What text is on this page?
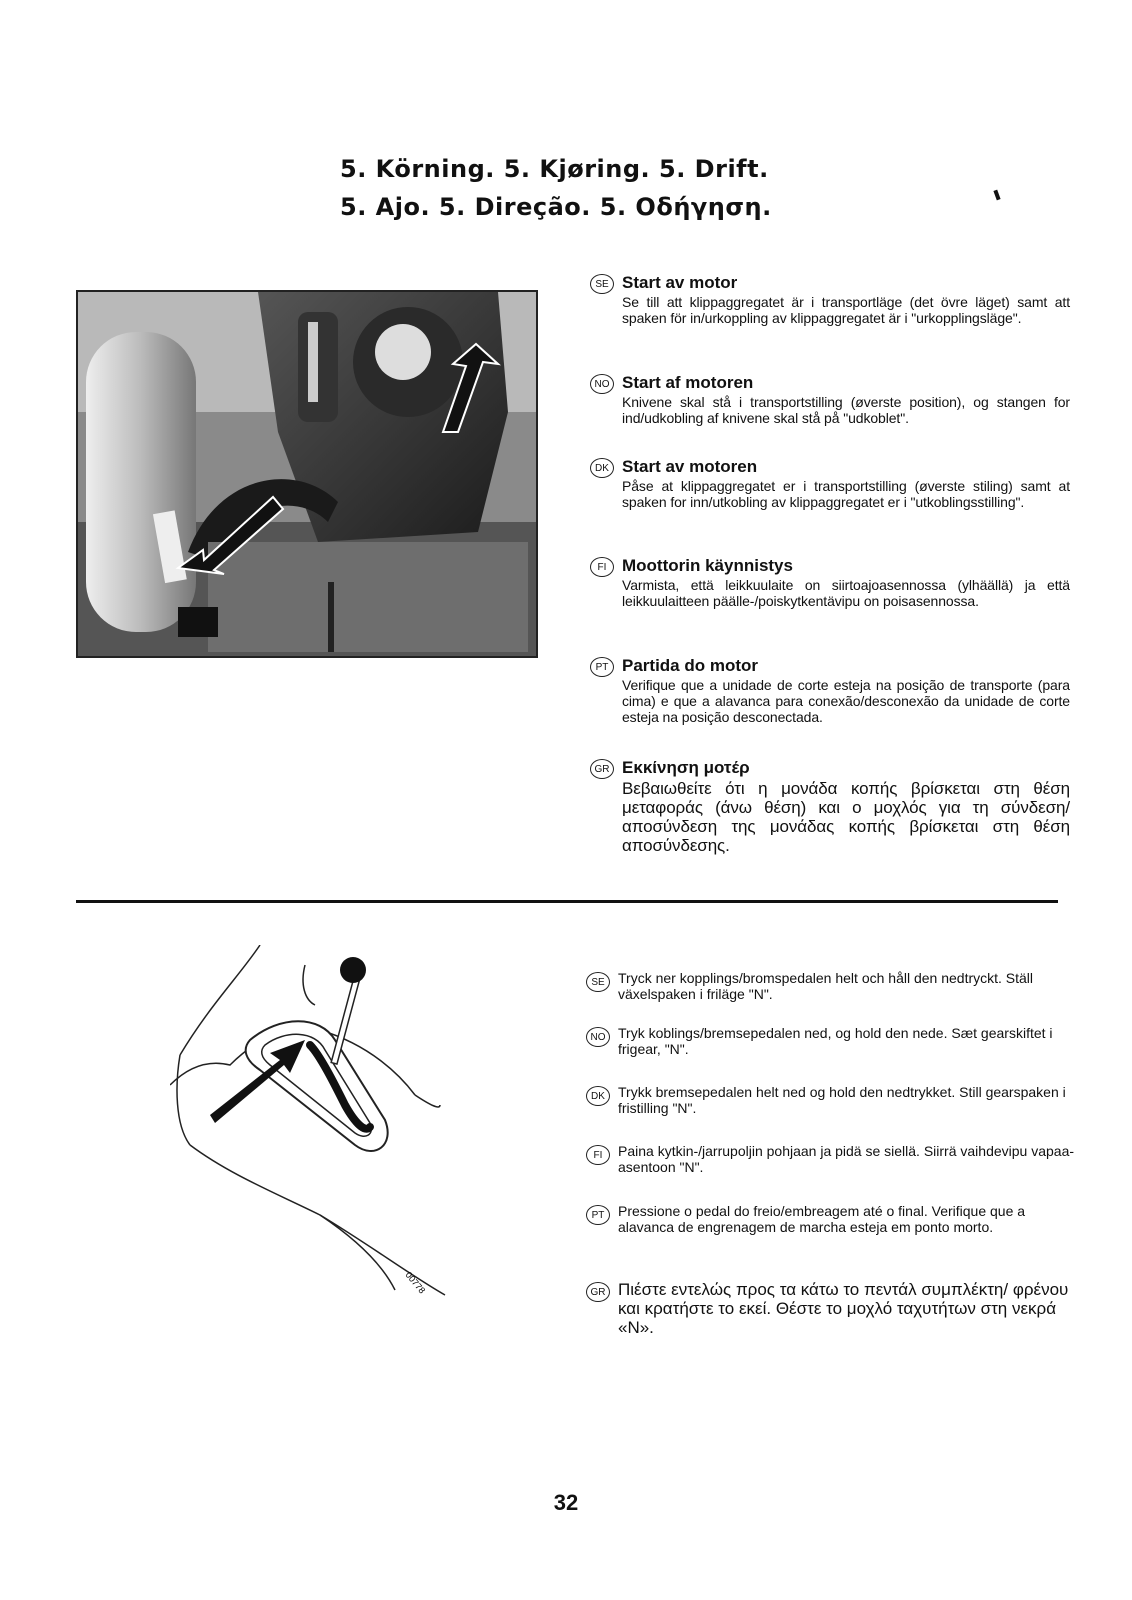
5. Körning. 5. Kjøring. 5. Drift.
5. Ajo. 5. Direção. 5. Οδήγηση.
SE Start av motor
Se till att klippaggregatet är i transportläge (det övre läget) samt att spaken för in/urkoppling av klippaggregatet är i "urkopplingsläge".
NO Start af motoren
Knivene skal stå i transportstilling (øverste position), og stangen for ind/udkobling af knivene skal stå på "udkoblet".
DK Start av motoren
Påse at klippaggregatet er i transportstilling (øverste stiling) samt at spaken for inn/utkobling av klippaggregatet er i "utkoblingsstilling".
FI Moottorin käynnistys
Varmista, että leikkuulaite on siirtoajoasennossa (ylhäällä) ja että leikkuulaitteen päälle-/poiskytkentävipu on poisasennossa.
PT Partida do motor
Verifique que a unidade de corte esteja na posição de transporte (para cima) e que a alavanca para conexão/desconexão da unidade de corte esteja na posição desconectada.
GR Εκκίνηση μοτέρ
Βεβαιωθείτε ότι η μονάδα κοπής βρίσκεται στη θέση μεταφοράς (άνω θέση) και ο μοχλός για τη σύνδεση/αποσύνδεση της μονάδας κοπής βρίσκεται στη θέση αποσύνδεσης.
00778
SE Tryck ner kopplings/bromspedalen helt och håll den nedtryckt. Ställ växelspaken i friläge "N".
NO Tryk koblings/bremsepedalen ned, og hold den nede. Sæt gearskiftet i frigear, "N".
DK Trykk bremsepedalen helt ned og hold den nedtrykket. Still gearspaken i fristilling "N".
FI	Paina kytkin-/jarrupoljin pohjaan ja pidä se siellä. Siirrä vaihdevipu vapaa-asentoon "N".
PT Pressione o pedal do freio/embreagem até o final. Verifique que a alavanca de engrenagem de marcha esteja em ponto morto.
GR Πιέστε εντελώς προς τα κάτω το πεντάλ συμπλέκτη/ φρένου και κρατήστε το εκεί. Θέστε το μοχλό ταχυτήτων στη νεκρά «N».
32
